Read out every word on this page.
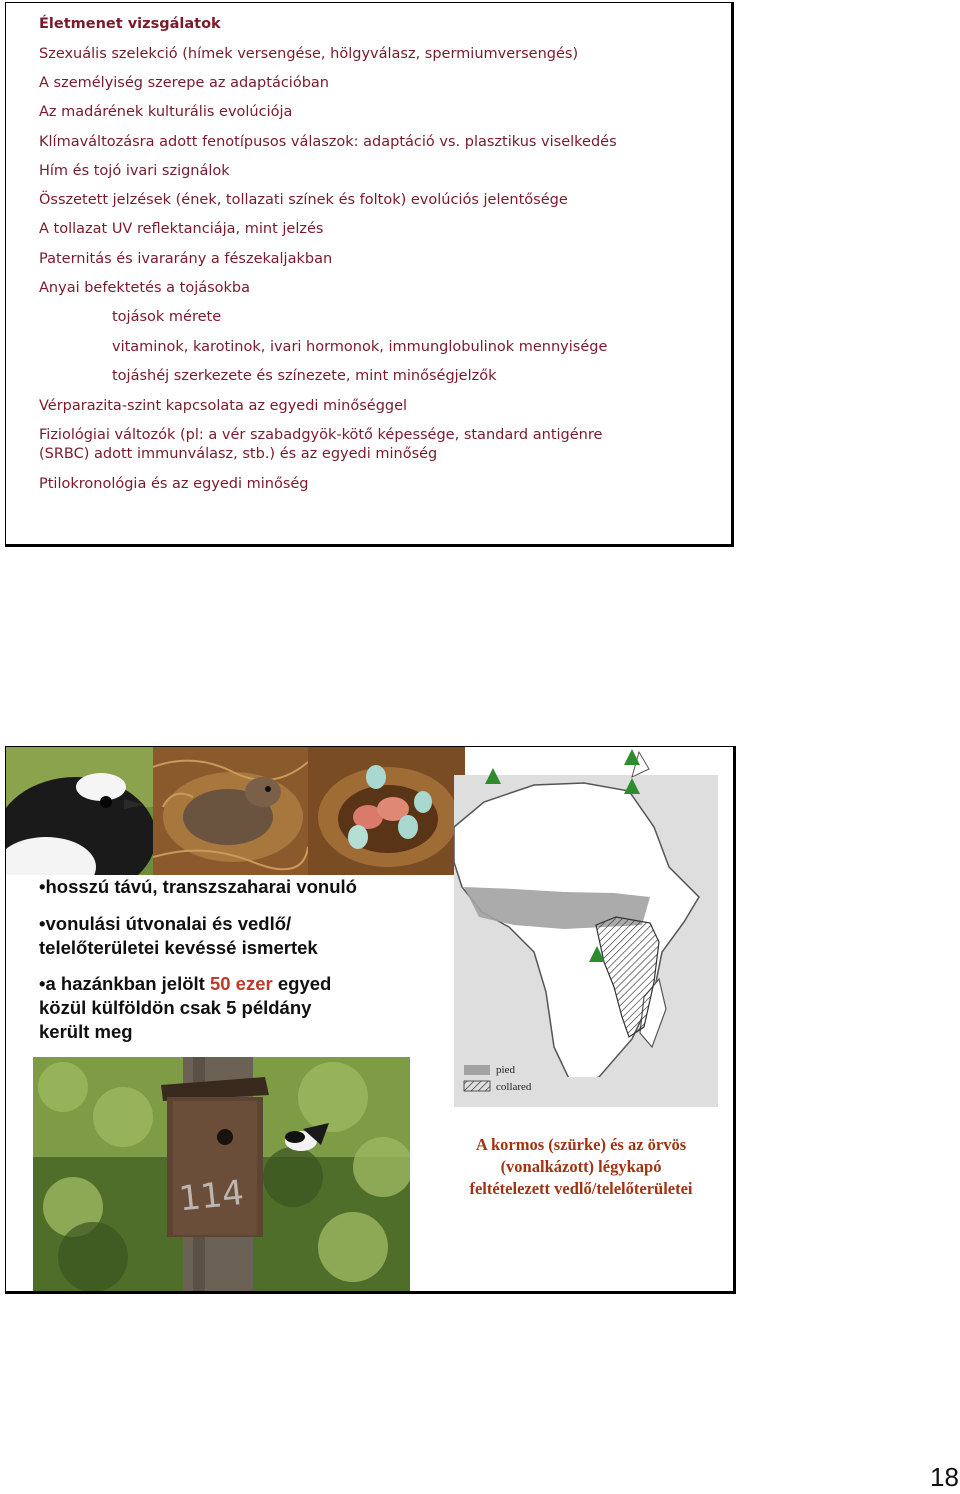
Életmenet vizsgálatok

Szexuális szelekció (hímek versengése, hölgyválasz, spermiumversengés)

A személyiség szerepe az adaptációban

Az madárének kulturális evolúciója

Klímaváltozásra adott fenotípusos válaszok: adaptáció vs. plasztikus viselkedés

Hím és tojó ivari szignálok

Összetett jelzések (ének, tollazati színek és foltok) evolúciós jelentősége

A tollazat UV reflektanciája, mint jelzés

Paternitás és ivararány a fészekaljakban

Anyai befektetés a tojásokba

tojások mérete

vitaminok, karotinok, ivari hormonok, immunglobulinok mennyisége

tojáshéj szerkezete és színezete, mint minőségjelzők

Vérparazita-szint kapcsolata az egyedi minőséggel

Fiziológiai változók (pl: a vér szabadgyök-kötő képessége, standard antigénre

(SRBC) adott immunválasz, stb.) és az egyedi minőség

Ptilokronológia és az egyedi minőség

•hosszú távú, transzszaharai vonuló

•vonulási útvonalai és vedlő/

telelőterületei kevéssé ismertek

•a hazánkban jelölt 50 ezer egyed

közül külföldön csak 5 példány

került meg

pied
collared
114

A kormos (szürke) és az örvös
(vonalkázott) légykapó
feltételezett vedlő/telelőterületei

18
